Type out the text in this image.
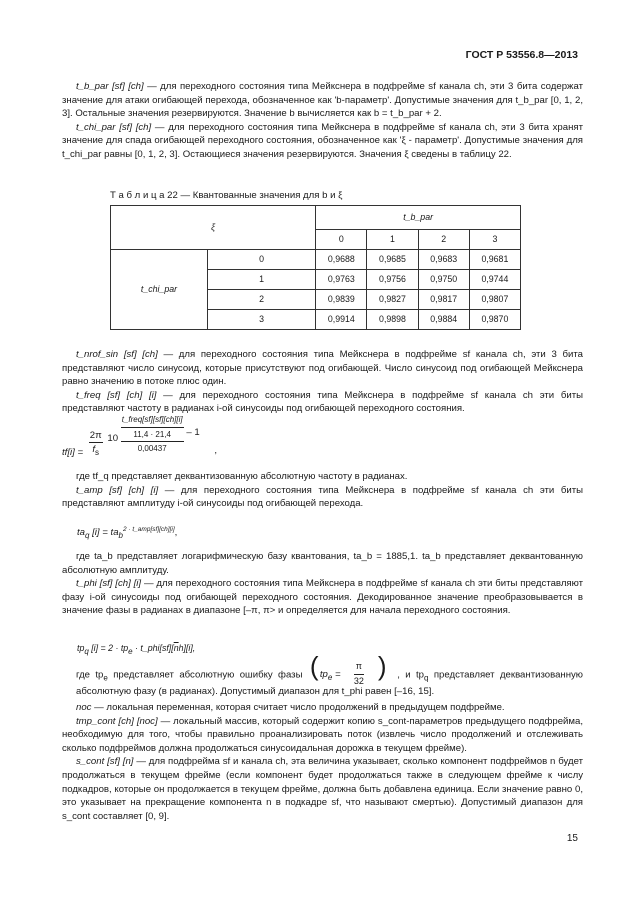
ГОСТ Р 53556.8—2013

t_b_par [sf] [ch] — для переходного состояния типа Мейкснера в подфрейме sf канала ch, эти 3 бита содержат значение для атаки огибающей перехода, обозначенное как 'b-параметр'. Допустимые значения для t_b_par [0, 1, 2, 3]. Остальные значения резервируются. Значение b вычисляется как b = t_b_par + 2.

t_chi_par [sf] [ch] — для переходного состояния типа Мейкснера в подфрейме sf канала ch, эти 3 бита хранят значение для спада огибающей переходного состояния, обозначенное как 'ξ - параметр'. Допустимые значения для t_chi_par равны [0, 1, 2, 3]. Остающиеся значения резервируются. Значения ξ сведены в таблицу 22.

Т а б л и ц а 22 — Квантованные значения для b и ξ
ξ		t_b_par			
		0	1	2	3
t_chi_par	0	0,9688	0,9685	0,9683	0,9681
	1	0,9763	0,9756	0,9750	0,9744
	2	0,9839	0,9827	0,9817	0,9807
	3	0,9914	0,9898	0,9884	0,9870

t_nrof_sin [sf] [ch] — для переходного состояния типа Мейкснера в подфрейме sf канала ch, эти 3 бита представляют число синусоид, которые присутствуют под огибающей. Число синусоид под огибающей Мейкснера равно значению в потоке плюс один.

t_freq [sf] [ch] [i] — для переходного состояния типа Мейкснера в подфрейме sf канала ch эти биты представляют частоту в радианах i-ой синусоиды под огибающей переходного состояния.

$tf[i] = \frac{2\pi}{f_s} 10$
t_freq[sf][sf][ch][i]
11,4 · 21,4
0,00437
– 1 ,

где tf_q представляет деквантизованную абсолютную частоту в радианах.

t_amp [sf] [ch] [i] — для переходного состояния типа Мейкснера в подфрейме sf канала ch эти биты представляют амплитуду i-ой синусоиды под огибающей перехода.

$ta_q$ $[i] = ta_b^{2 \cdot t\_amp[sf][ch][i]}$,

где ta_b представляет логарифмическую базу квантования, ta_b = 1885,1. ta_b представляет деквантованную абсолютную амплитуду.

t_phi [sf] [ch] [i] — для переходного состояния типа Мейкснера в подфрейме sf канала ch эти биты представляют фазу i-ой синусоиды под огибающей переходного состояния. Декодированное значение преобразовывается в значение фазы в радианах в диапазоне [–π, π> и определяется для начала переходного состояния.

$tp_q$ $[i] = 2 \cdot tp_e$ · $t\_phi[sf][\overline{n}h][i]$,

где $tp_e$ представляет абсолютную ошибку фазы ( $tp_e = \frac{\pi}{32}$ ) , и $tp_q$ представляет деквантизованную абсолютную фазу (в радианах). Допустимый диапазон для t_phi равен [–16, 15].

noc — локальная переменная, которая считает число продолжений в предыдущем подфрейме.

tmp_cont [ch] [noc] — локальный массив, который содержит копию s_cont-параметров предыдущего подфрейма, необходимую для того, чтобы правильно проанализировать поток (извлечь число продолжений и отслеживать сколько подфреймов должна продолжаться синусоидальная дорожка в текущем фрейме).

s_cont [sf] [n] — для подфрейма sf и канала ch, эта величина указывает, сколько компонент подфреймов n будет продолжаться в текущем фрейме (если компонент будет продолжаться также в следующем фрейме к числу подкадров, которые он продолжается в текущем фрейме, должна быть добавлена единица. Если значение равно 0, это указывает на прекращение компонента n в подкадре sf, что называют смертью). Допустимый диапазон для s_cont составляет [0, 9].

15
